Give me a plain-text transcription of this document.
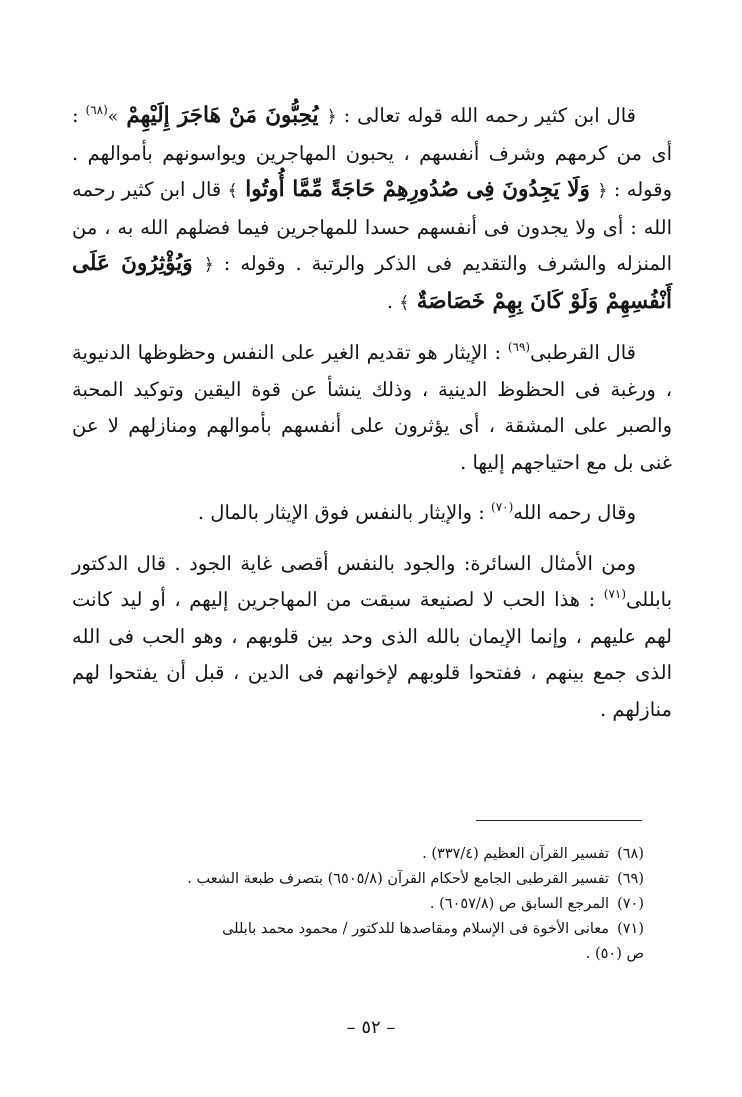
قال ابن كثير رحمه الله قوله تعالى : ﴿ يُحِبُّونَ مَنْ هَاجَرَ إِلَيْهِمْ »$^{(٦٨)}$ : أى من كرمهم وشرف أنفسهم ، يحبون المهاجرين ويواسونهم بأموالهم . وقوله : ﴿ وَلَا يَجِدُونَ فِى صُدُورِهِمْ حَاجَةً مِّمَّا أُوتُوا ﴾ قال ابن كثير رحمه الله : أى ولا يجدون فى أنفسهم حسدا للمهاجرين فيما فضلهم الله به ، من المنزله والشرف والتقديم فى الذكر والرتبة . وقوله : ﴿ وَيُؤْثِرُونَ عَلَى أَنْفُسِهِمْ وَلَوْ كَانَ بِهِمْ خَصَاصَةٌ ﴾ .

قال القرطبى$^{(٦٩)}$ : الإيثار هو تقديم الغير على النفس وحظوظها الدنيوية ، ورغبة فى الحظوظ الدينية ، وذلك ينشأ عن قوة اليقين وتوكيد المحبة والصبر على المشقة ، أى يؤثرون على أنفسهم بأموالهم ومنازلهم لا عن غنى بل مع احتياجهم إليها .

وقال رحمه الله$^{(٧٠)}$ : والإيثار بالنفس فوق الإيثار بالمال .

ومن الأمثال السائرة: والجود بالنفس أقصى غاية الجود . قال الدكتور بابللى$^{(٧١)}$ : هذا الحب لا لصنيعة سبقت من المهاجرين إليهم ، أو ليد كانت لهم عليهم ، وإنما الإيمان بالله الذى وحد بين قلوبهم ، وهو الحب فى الله الذى جمع بينهم ، ففتحوا قلوبهم لإخوانهم فى الدين ، قبل أن يفتحوا لهم منازلهم .

(٦٨)تفسير القرآن العظيم (٣٣٧/٤) .

(٦٩)تفسير القرطبى الجامع لأحكام القرآن (٦٥٠٥/٨) بتصرف طبعة الشعب .

(٧٠)المرجع السابق ص (٦٠٥٧/٨) .

(٧١)معانى الأخوة فى الإسلام ومقاصدها للدكتور / محمود محمد بابللى

ص (٥٠) .

– ٥٢ –
